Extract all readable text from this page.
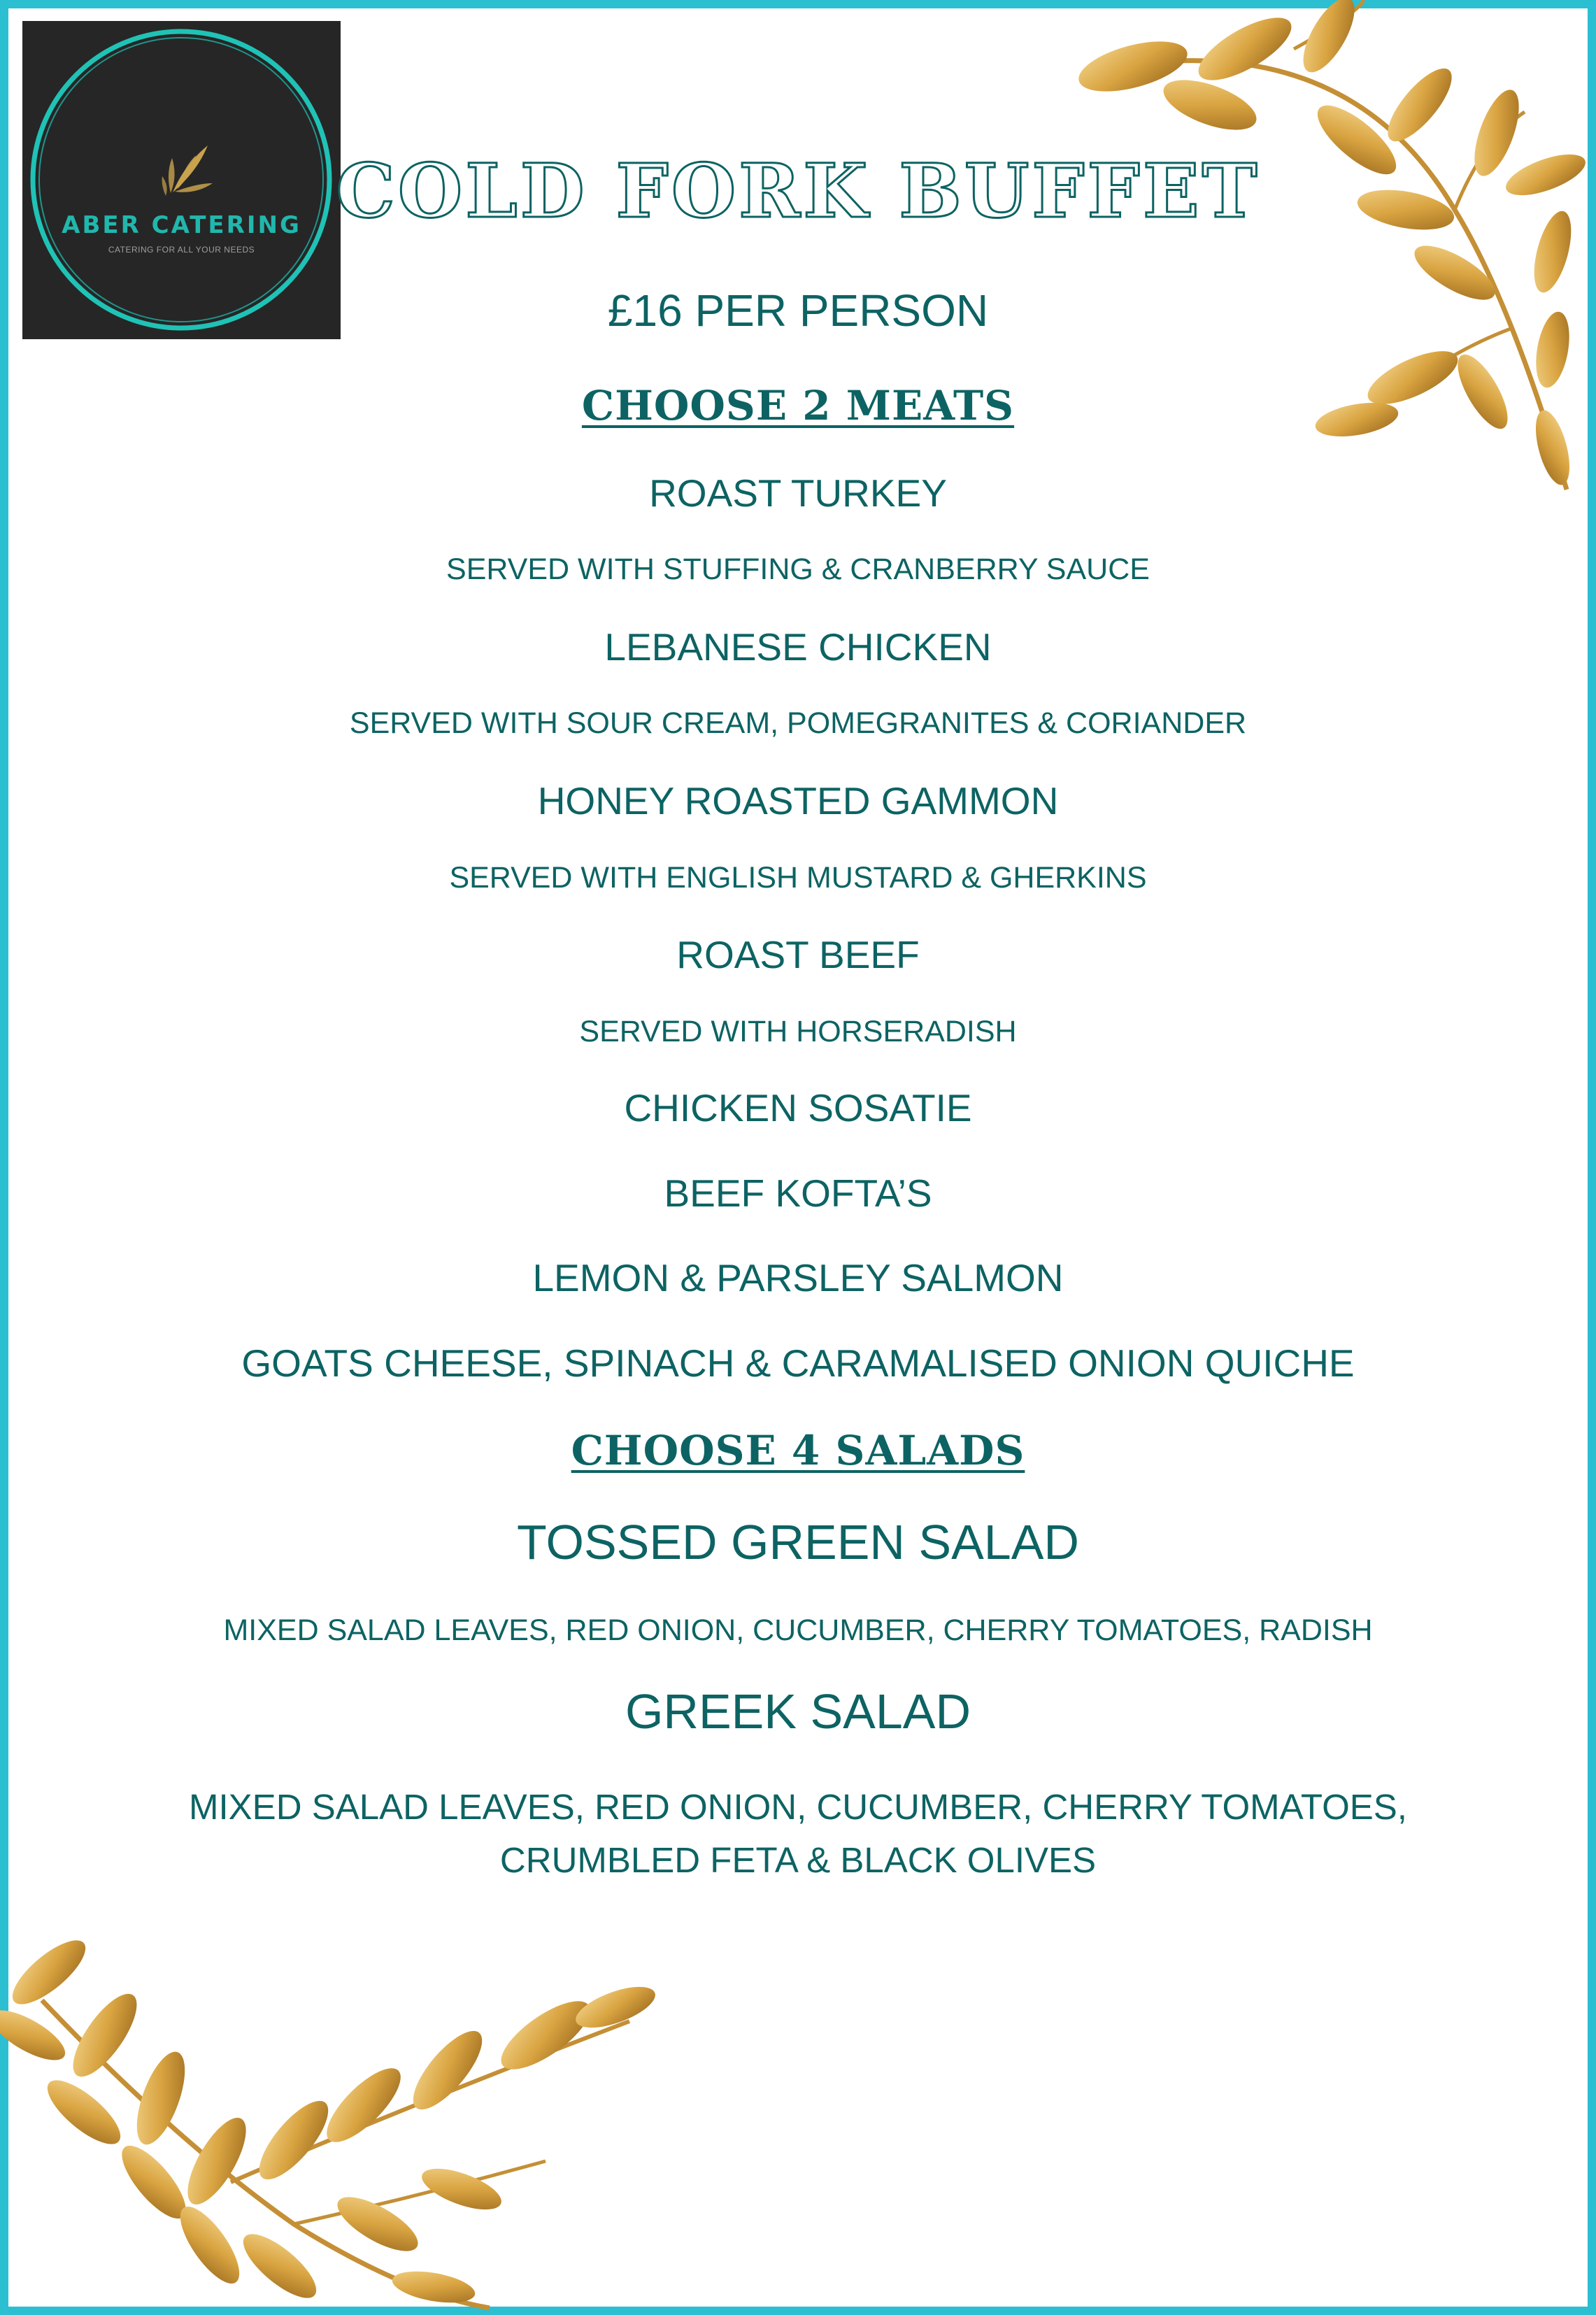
ABER CATERING
CATERING FOR ALL YOUR NEEDS
COLD FORK BUFFET
£16 PER PERSON
CHOOSE 2 MEATS
ROAST TURKEY
SERVED WITH STUFFING & CRANBERRY SAUCE
LEBANESE CHICKEN
SERVED WITH SOUR CREAM, POMEGRANITES & CORIANDER
HONEY ROASTED GAMMON
SERVED WITH ENGLISH MUSTARD & GHERKINS
ROAST BEEF
SERVED WITH HORSERADISH
CHICKEN SOSATIE
BEEF KOFTA’S
LEMON & PARSLEY SALMON
GOATS CHEESE, SPINACH & CARAMALISED ONION QUICHE
CHOOSE 4 SALADS
TOSSED GREEN SALAD
MIXED SALAD LEAVES, RED ONION, CUCUMBER, CHERRY TOMATOES, RADISH
GREEK SALAD
MIXED SALAD LEAVES, RED ONION, CUCUMBER, CHERRY TOMATOES,
CRUMBLED FETA & BLACK OLIVES
